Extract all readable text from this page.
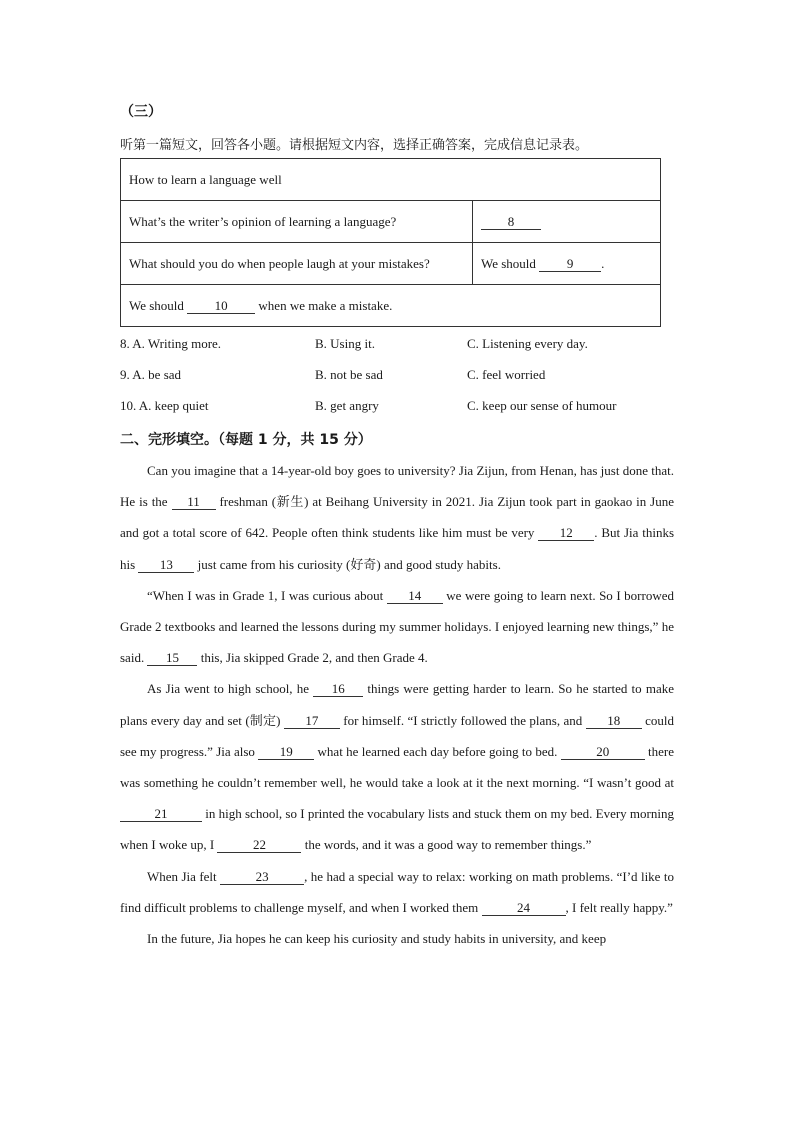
（三）
听第一篇短文，回答各小题。请根据短文内容，选择正确答案，完成信息记录表。
How to learn a language well	
What’s the writer’s opinion of learning a language?	8
What should you do when people laugh at your mistakes?	We should 9 .
We should 10 when we make a mistake.	
8. A. Writing more.	B. Using it.	C. Listening every day.
9. A. be sad	B. not be sad	C. feel worried
10. A. keep quiet	B. get angry	C. keep our sense of humour
二、完形填空。（每题 1 分，共 15 分）

Can you imagine that a 14-year-old boy goes to university? Jia Zijun, from Henan, has just done that. He is the 11 freshman (新生) at Beihang University in 2021. Jia Zijun took part in gaokao in June and got a total score of 642. People often think students like him must be very 12 . But Jia thinks his 13 just came from his curiosity (好奇) and good study habits.

“When I was in Grade 1, I was curious about 14 we were going to learn next. So I borrowed Grade 2 textbooks and learned the lessons during my summer holidays. I enjoyed learning new things,” he said. 15 this, Jia skipped Grade 2, and then Grade 4.

As Jia went to high school, he 16 things were getting harder to learn. So he started to make plans every day and set (制定) 17 for himself. “I strictly followed the plans, and 18 could see my progress.” Jia also 19 what he learned each day before going to bed.	20	there was something he couldn’t remember well, he would take a look at it the next morning. “I wasn’t good at 21	in high school, so I printed the vocabulary lists and stuck them on my bed. Every morning when I woke up, I	22	the words, and it was a good way to remember things.”

When Jia felt	23	, he had a special way to relax: working on math problems. “I’d like to find difficult problems to challenge myself, and when I worked them	24	, I felt really happy.”

In the future, Jia hopes he can keep his curiosity and study habits in university, and keep
